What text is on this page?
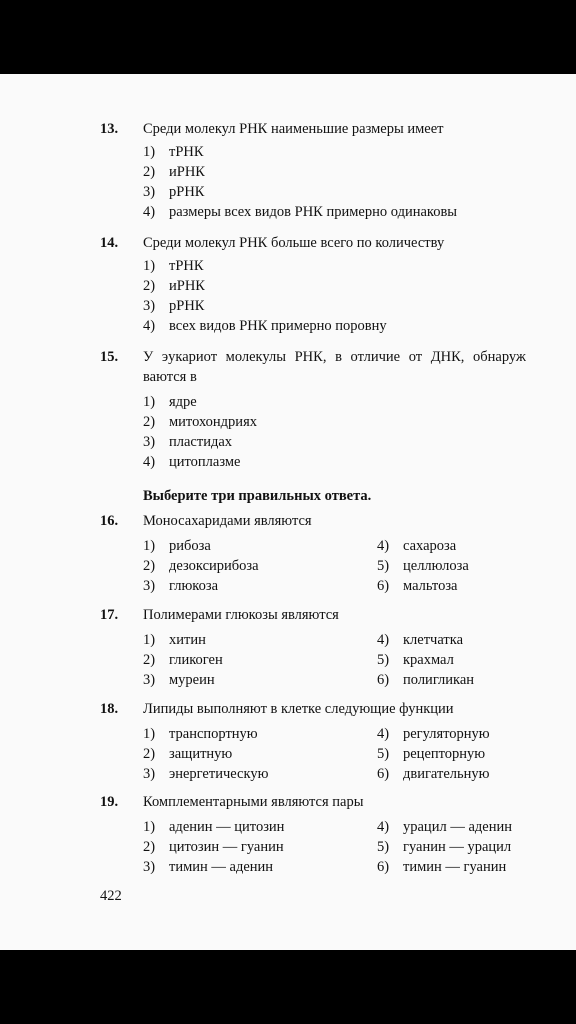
13. Среди молекул РНК наименьшие размеры имеет
1) тРНК
2) иРНК
3) рРНК
4) размеры всех видов РНК примерно одинаковы
14. Среди молекул РНК больше всего по количеству
1) тРНК
2) иРНК
3) рРНК
4) всех видов РНК примерно поровну
15. У эукариот молекулы РНК, в отличие от ДНК, обнаруж
ваются в
1) ядре
2) митохондриях
3) пластидах
4) цитоплазме
Выберите три правильных ответа.
16. Моносахаридами являются
1) рибоза
2) дезоксирибоза
3) глюкоза
4) сахароза
5) целлюлоза
6) мальтоза
17. Полимерами глюкозы являются
1) хитин
2) гликоген
3) муреин
4) клетчатка
5) крахмал
6) полигликан
18. Липиды выполняют в клетке следующие функции
1) транспортную
2) защитную
3) энергетическую
4) регуляторную
5) рецепторную
6) двигательную
19. Комплементарными являются пары
1) аденин — цитозин
2) цитозин — гуанин
3) тимин — аденин
4) урацил — аденин
5) гуанин — урацил
6) тимин — гуанин
422
